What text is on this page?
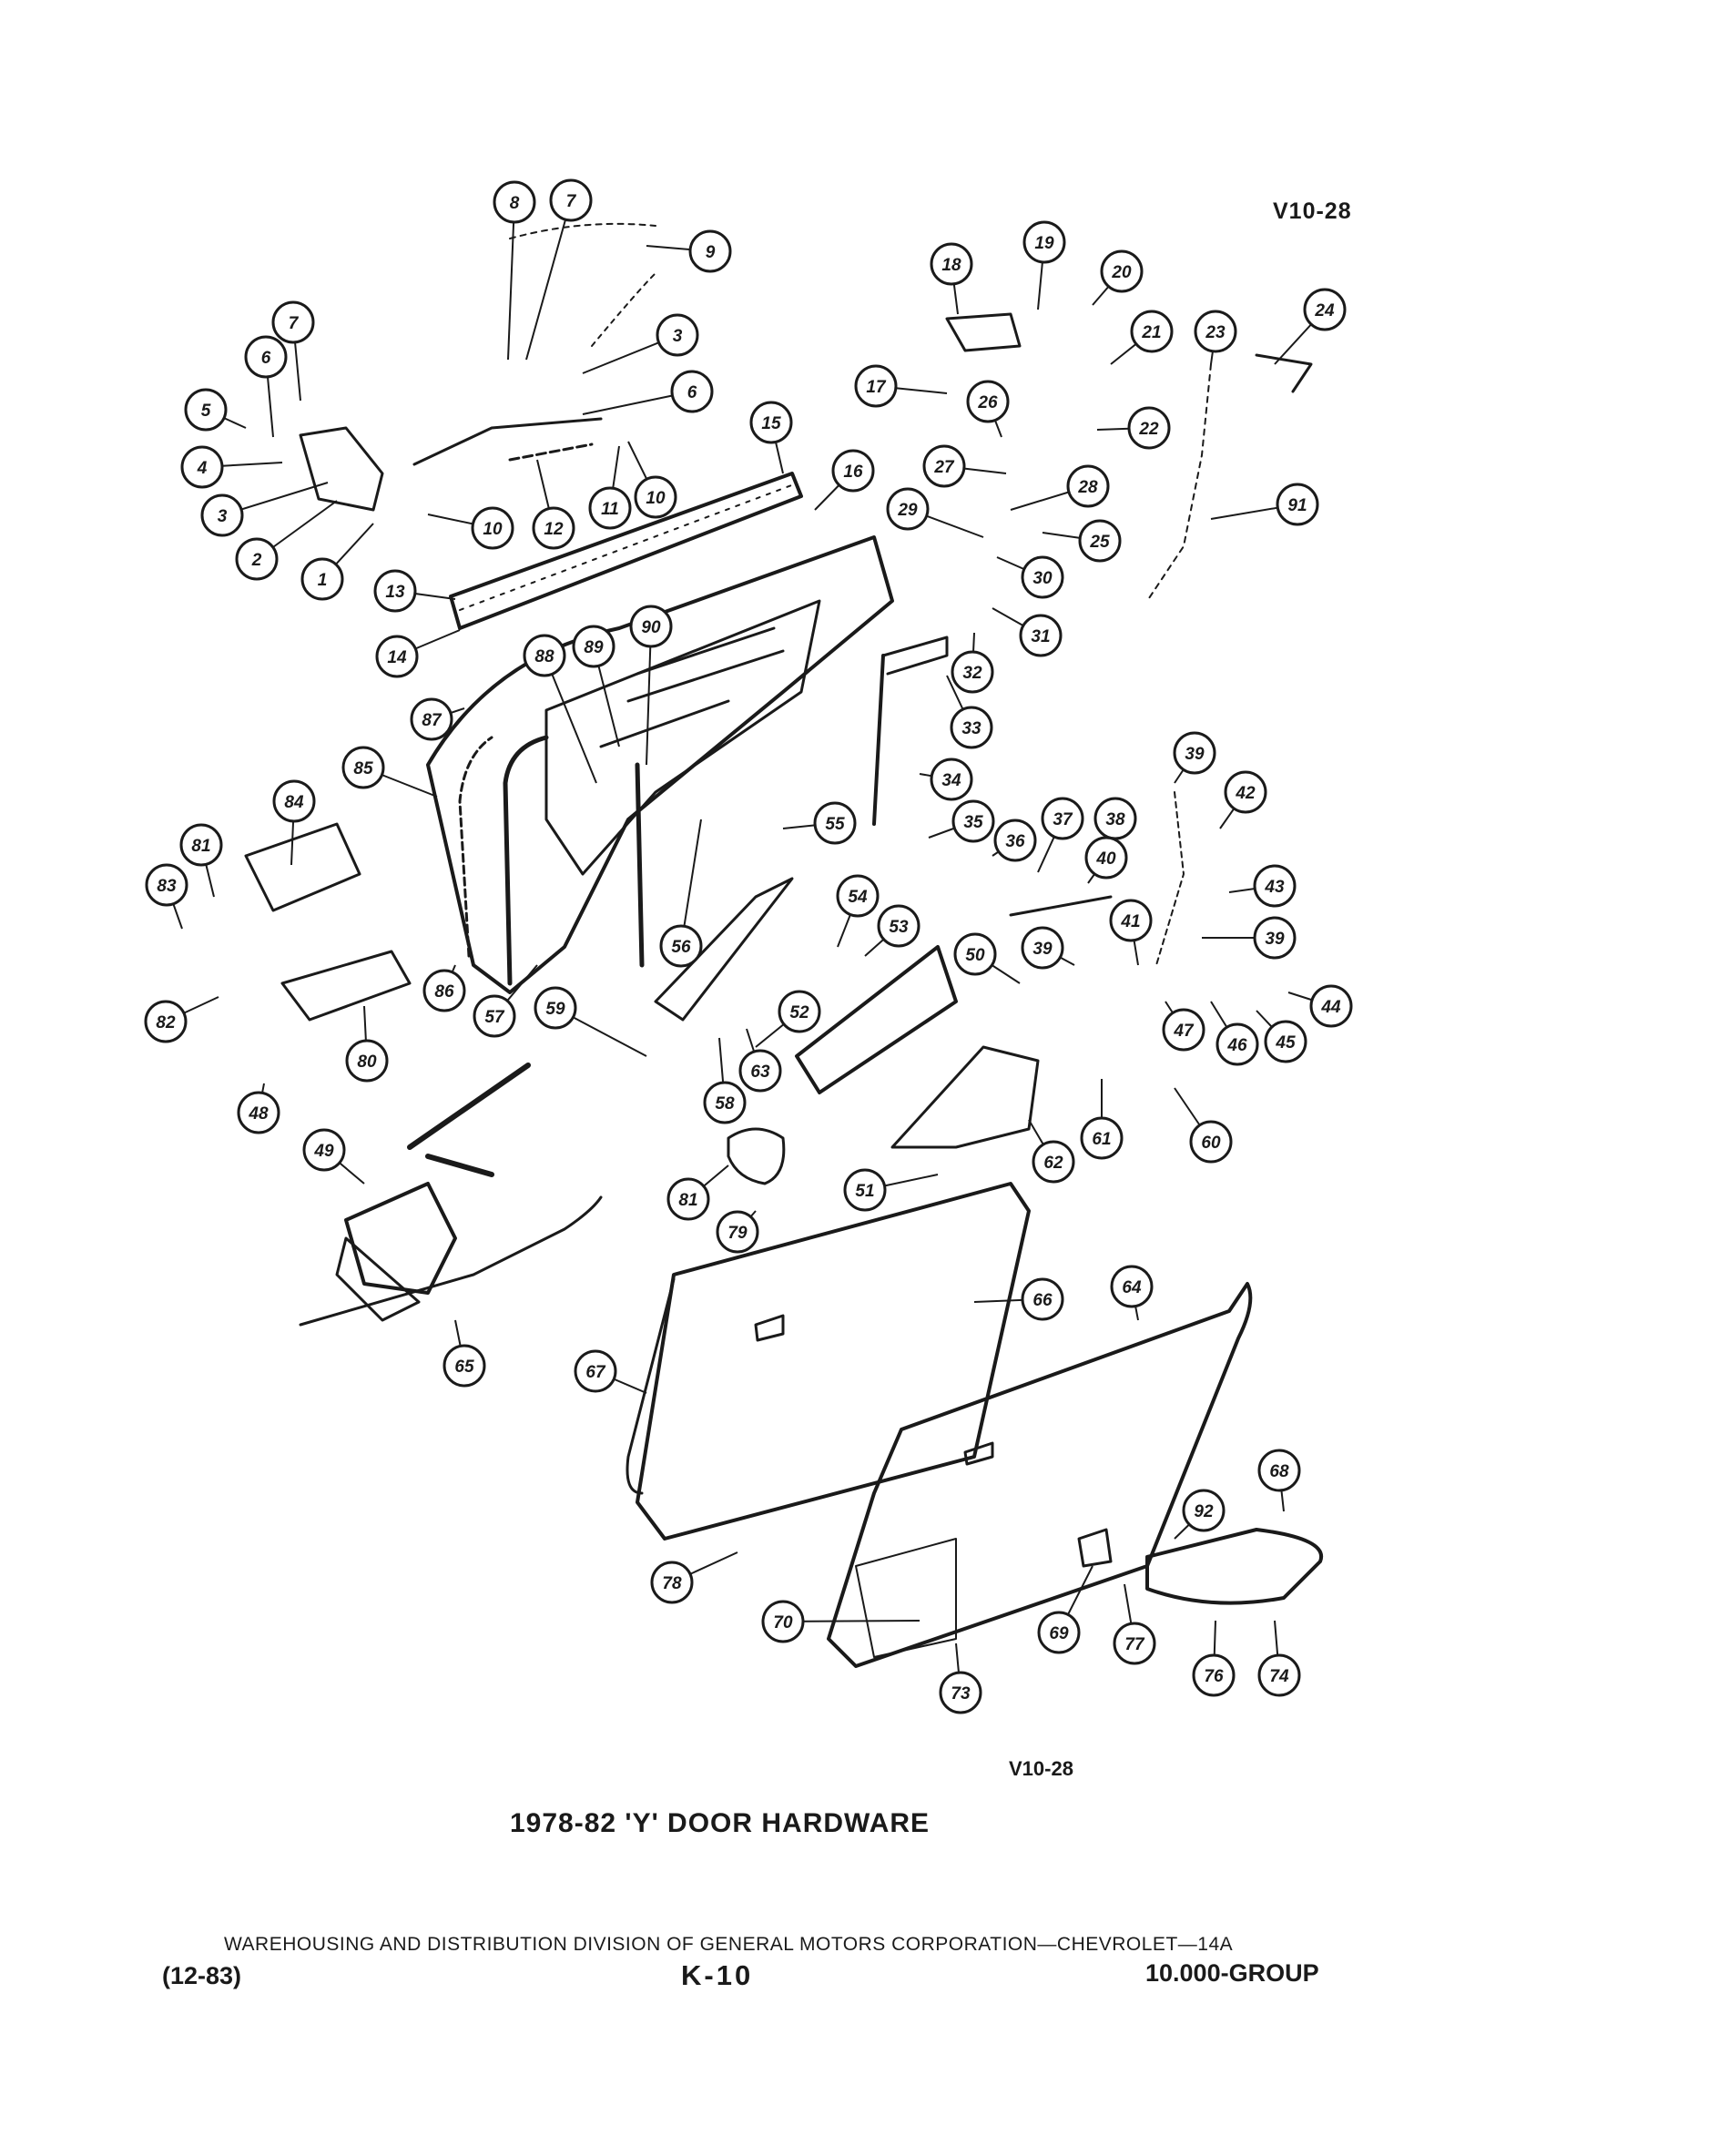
8	7
9
7
6
3
6
5
4
3
2
1
12
11
10
10
15
16
13
14
18
19
20
21	23
24
17
26
22
27
28
91
29
25
30
31
32
33
88 89
90
87
85
34
55
56
35
36
37 38
39
40
42
43
39
84
81
83
41
39
54
53
50
44
45
46
47
82
80
86
57 59	52
63
58
60
61
62
48
49
51
81
79
66
64
65	67
68
92
78
70
69
77
76	74
73
V10-28
V10-28
1978-82 'Y' DOOR HARDWARE
WAREHOUSING AND DISTRIBUTION DIVISION OF GENERAL MOTORS CORPORATION—CHEVROLET—14A
(12-83)	K-10	10.000-GROUP
